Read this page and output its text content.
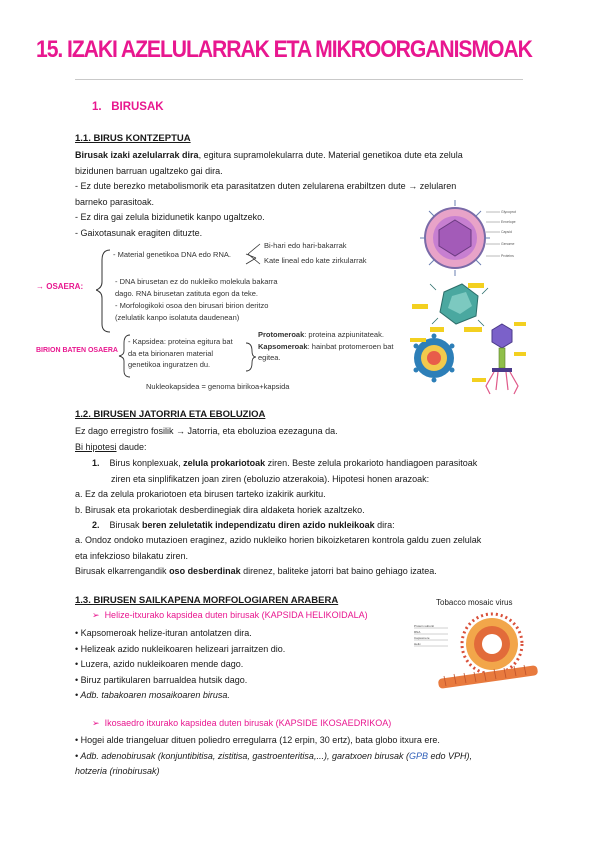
15. IZAKI AZELULARRAK ETA MIKROORGANISMOAK
1. BIRUSAK
1.1. BIRUS KONTZEPTUA
Birusak izaki azelularrak dira, egitura supramolekularra dute. Material genetikoa dute eta zelula
bizidunen barruan ugaltzeko gai dira.
- Ez dute berezko metabolismorik eta parasitatzen duten zelularena erabiltzen dute → zelularen
barneko parasitoak.
- Ez dira gai zelula bizidunetik kanpo ugaltzeko.
- Gaixotasunak eragiten dituzte.
→ OSAERA:
- Material genetikoa DNA edo RNA.
Bi-hari edo hari-bakarrak
Kate lineal edo kate zirkularrak
- DNA birusetan ez do nukleiko molekula bakarra
dago. RNA birusetan zatituta egon da teke.
- Morfologikoki osoa den birusari birion deritzo
(zelulatik kanpo isolatuta daudenean)
BIRION BATEN OSAERA
- Kapsidea: proteina egitura bat
da eta birionaren material
genetikoa inguratzen du.
Protomeroak: proteina azpiunitateak.
Kapsomeroak: hainbat protomeroen bat
egitea.
Nukleokapsidea = genoma birikoa+kapsida
Glycoprot
Envelope
Capsid
Genome
Proteins
1.2. BIRUSEN JATORRIA ETA EBOLUZIOA
Ez dago erregistro fosilik → Jatorria, eta eboluzioa ezezaguna da.
Bi hipotesi daude:
1. Birus konplexuak, zelula prokariotoak ziren. Beste zelula prokarioto handiagoen parasitoak
ziren eta sinplifikatzen joan ziren (eboluzio atzerakoia). Hipotesi honen arazoak:
a. Ez da zelula prokariotoen eta birusen tarteko izakirik aurkitu.
b. Birusak eta prokariotak desberdinegiak dira aldaketa horiek azaltzeko.
2. Birusak beren zeluletatik independizatu diren azido nukleikoak dira:
a. Ondoz ondoko mutazioen eraginez, azido nukleiko horien bikoizketaren kontrola galdu zuen zelulak
eta infekzioso bilakatu ziren.
Birusak elkarrengandik oso desberdinak direnez, baliteke jatorri bat baino gehiago izatea.
1.3. BIRUSEN SAILKAPENA MORFOLOGIAREN ARABERA
➢ Helize-itxurako kapsidea duten birusak (KAPSIDA HELIKOIDALA)
• Kapsomeroak helize-ituran antolatzen dira.
• Helizeak azido nukleikoaren helizeari jarraitzen dio.
• Luzera, azido nukleikoaren mende dago.
• Biruz partikularen barrualdea hutsik dago.
• Adb. tabakoaren mosaikoaren birusa.
Tobacco mosaic virus
Protein subunit
RNA
Capsomere
Helix
➢ Ikosaedro itxurako kapsidea duten birusak (KAPSIDE IKOSAEDRIKOA)
• Hogei alde triangeluar dituen poliedro erregularra (12 erpin, 30 ertz), bata globo itxura ere.
• Adb. adenobirusak (konjuntibitisa, zistitisa, gastroenteritisa,...), garatxoen birusak (GPB edo VPH),
hotzeria (rinobirusak)
